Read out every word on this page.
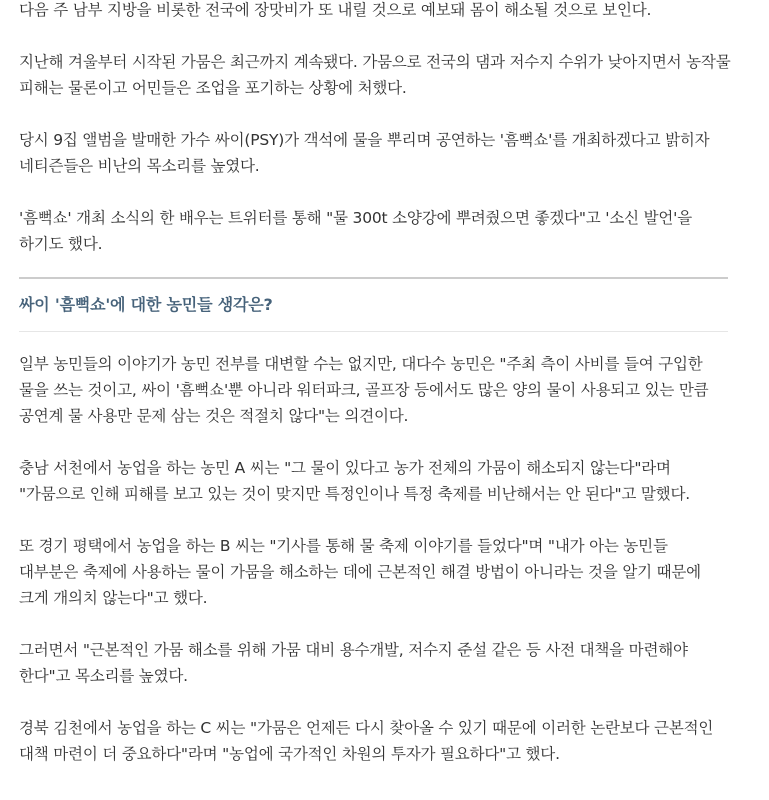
다음 주 남부 지방을 비롯한 전국에 장맛비가 또 내릴 것으로 예보돼 몸이 해소될 것으로 보인다.

지난해 겨울부터 시작된 가뭄은 최근까지 계속됐다. 가뭄으로 전국의 댐과 저수지 수위가 낮아지면서 농작물 피해는 물론이고 어민들은 조업을 포기하는 상황에 처했다.

당시 9집 앨범을 발매한 가수 싸이(PSY)가 객석에 물을 뿌리며 공연하는 '흠뻑쇼'를 개최하겠다고 밝히자 네티즌들은 비난의 목소리를 높였다.

'흠뻑쇼' 개최 소식의 한 배우는 트위터를 통해 "물 300t 소양강에 뿌려줬으면 좋겠다"고 '소신 발언'을 하기도 했다.

싸이 '흠뻑쇼'에 대한 농민들 생각은?

일부 농민들의 이야기가 농민 전부를 대변할 수는 없지만, 대다수 농민은 "주최 측이 사비를 들여 구입한 물을 쓰는 것이고, 싸이 '흠뻑쇼'뿐 아니라 워터파크, 골프장 등에서도 많은 양의 물이 사용되고 있는 만큼 공연계 물 사용만 문제 삼는 것은 적절치 않다"는 의견이다.

충남 서천에서 농업을 하는 농민 A 씨는 "그 물이 있다고 농가 전체의 가뭄이 해소되지 않는다"라며 "가뭄으로 인해 피해를 보고 있는 것이 맞지만 특정인이나 특정 축제를 비난해서는 안 된다"고 말했다.

또 경기 평택에서 농업을 하는 B 씨는 "기사를 통해 물 축제 이야기를 들었다"며 "내가 아는 농민들 대부분은 축제에 사용하는 물이 가뭄을 해소하는 데에 근본적인 해결 방법이 아니라는 것을 알기 때문에 크게 개의치 않는다"고 했다.

그러면서 "근본적인 가뭄 해소를 위해 가뭄 대비 용수개발, 저수지 준설 같은 등 사전 대책을 마련해야 한다"고 목소리를 높였다.

경북 김천에서 농업을 하는 C 씨는 "가뭄은 언제든 다시 찾아올 수 있기 때문에 이러한 논란보다 근본적인 대책 마련이 더 중요하다"라며 "농업에 국가적인 차원의 투자가 필요하다"고 했다.
